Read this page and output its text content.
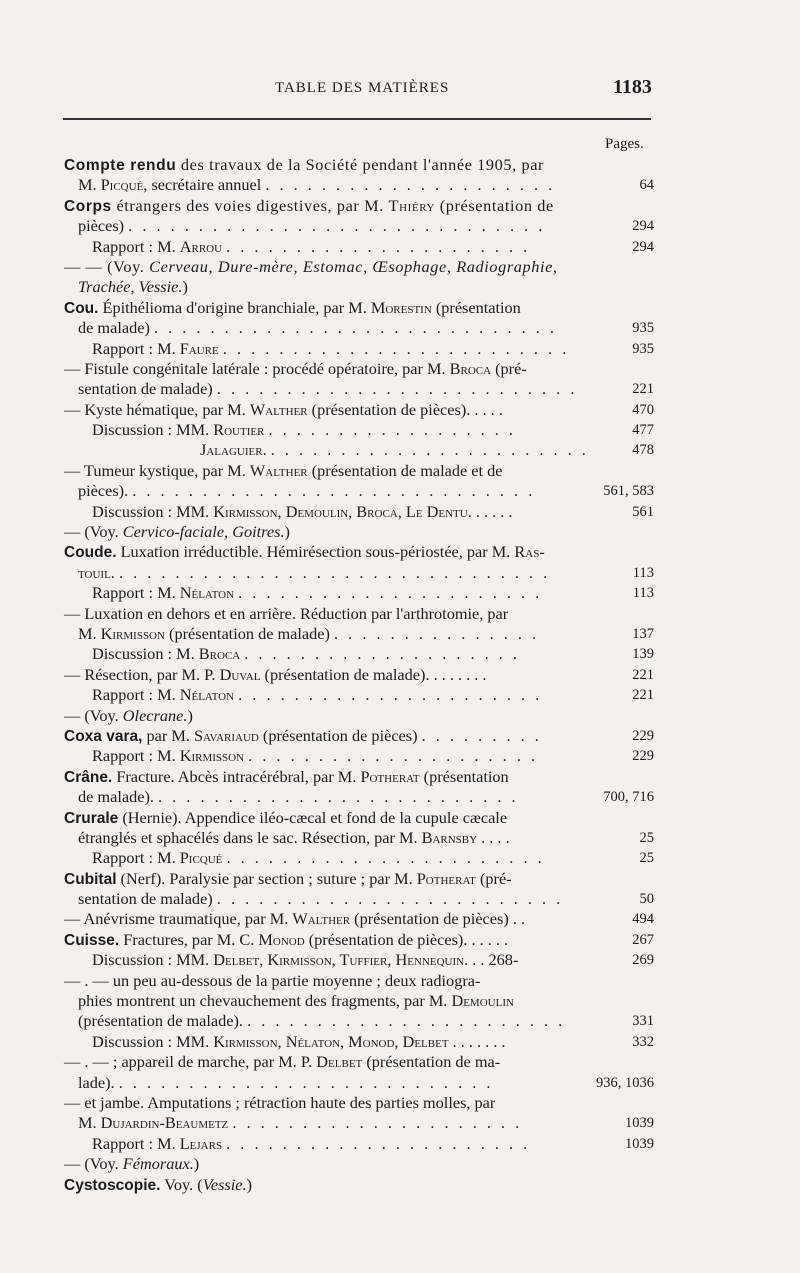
TABLE DES MATIÈRES	1183
Pages.
Compte rendu des travaux de la Société pendant l'année 1905, par
M. Picqué, secrétaire annuel . . . . . . . . . . . . . . . . . . . . .	64
Corps étrangers des voies digestives, par M. Thiéry (présentation de
pièces) . . . . . . . . . . . . . . . . . . . . . . . . . . . . . .	294
Rapport : M. Arrou . . . . . . . . . . . . . . . . . . . . . .	294
— — (Voy. Cerveau, Dure-mère, Estomac, Œsophage, Radiographie,
Trachée, Vessie.)
Cou. Épithélioma d'origine branchiale, par M. Morestin (présentation
de malade) . . . . . . . . . . . . . . . . . . . . . . . . . . . . .	935
Rapport : M. Faure . . . . . . . . . . . . . . . . . . . . . . . . .	935
— Fistule congénitale latérale : procédé opératoire, par M. Broca (pré-
sentation de malade) . . . . . . . . . . . . . . . . . . . . . . . . . .	221
— Kyste hématique, par M. Walther (présentation de pièces). . . . .	470
Discussion : MM. Routier . . . . . . . . . . . . . . . . . .	477
Jalaguier. . . . . . . . . . . . . . . . . . . . . . . .	478
— Tumeur kystique, par M. Walther (présentation de malade et de
pièces). . . . . . . . . . . . . . . . . . . . . . . . . . . . . .	561, 583
Discussion : MM. Kirmisson, Demoulin, Broca, Le Dentu. . . . . .	561
— (Voy. Cervico-faciale, Goitres.)
Coude. Luxation irréductible. Hémirésection sous-périostée, par M. Ras-
touil. . . . . . . . . . . . . . . . . . . . . . . . . . . . . . . .	113
Rapport : M. Nélaton . . . . . . . . . . . . . . . . . . . . . .	113
— Luxation en dehors et en arrière. Réduction par l'arthrotomie, par
M. Kirmisson (présentation de malade) . . . . . . . . . . . . . . .	137
Discussion : M. Broca . . . . . . . . . . . . . . . . . . . .	139
— Résection, par M. P. Duval (présentation de malade). . . . . . . .	221
Rapport : M. Nélaton . . . . . . . . . . . . . . . . . . . . . .	221
— (Voy. Olecrane.)
Coxa vara, par M. Savariaud (présentation de pièces) . . . . . . . . .	229
Rapport : M. Kirmisson . . . . . . . . . . . . . . . . . . . . .	229
Crâne. Fracture. Abcès intracérébral, par M. Potherat (présentation
de malade). . . . . . . . . . . . . . . . . . . . . . . . . . .	700, 716
Crurale (Hernie). Appendice iléo-cæcal et fond de la cupule cæcale
étranglés et sphacélés dans le sac. Résection, par M. Barnsby . . . .	25
Rapport : M. Picqué . . . . . . . . . . . . . . . . . . . . . . .	25
Cubital (Nerf). Paralysie par section ; suture ; par M. Potherat (pré-
sentation de malade) . . . . . . . . . . . . . . . . . . . . . . . . .	50
— Anévrisme traumatique, par M. Walther (présentation de pièces) . .	494
Cuisse. Fractures, par M. C. Monod (présentation de pièces). . . . . .	267
Discussion : MM. Delbet, Kirmisson, Tuffier, Hennequin. . . 268-	269
— . — un peu au-dessous de la partie moyenne ; deux radiogra-
phies montrent un chevauchement des fragments, par M. Demoulin
(présentation de malade). . . . . . . . . . . . . . . . . . . . . . . .	331
Discussion : MM. Kirmisson, Nélaton, Monod, Delbet . . . . . . .	332
— . — ; appareil de marche, par M. P. Delbet (présentation de ma-
lade). . . . . . . . . . . . . . . . . . . . . . . . . . . .	936, 1036
— et jambe. Amputations ; rétraction haute des parties molles, par
M. Dujardin-Beaumetz . . . . . . . . . . . . . . . . . . . . .	1039
Rapport : M. Lejars . . . . . . . . . . . . . . . . . . . . . .	1039
— (Voy. Fémoraux.)
Cystoscopie. Voy. (Vessie.)
